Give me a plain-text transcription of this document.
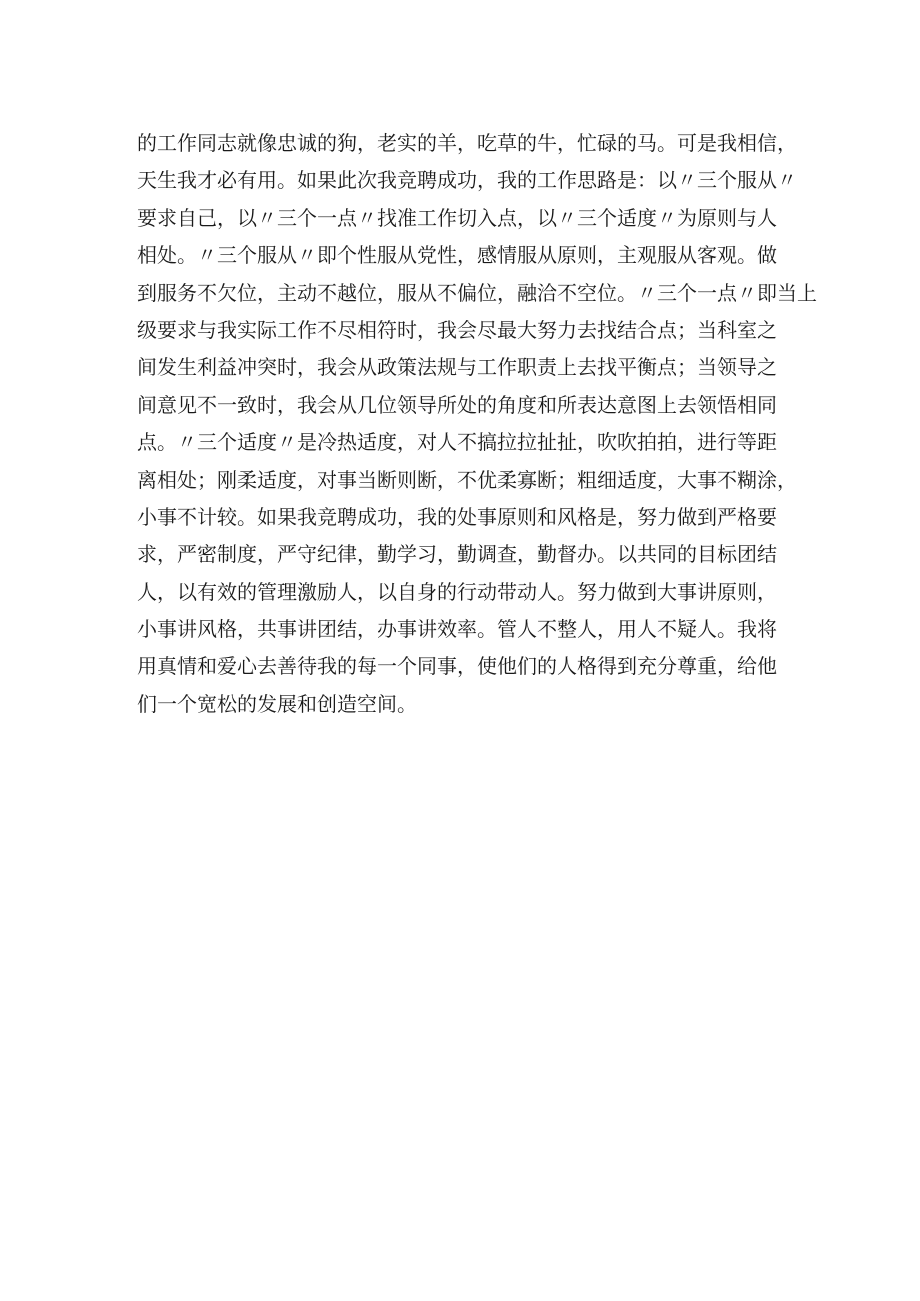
的工作同志就像忠诚的狗，老实的羊，吃草的牛，忙碌的马。可是我相信，
天生我才必有用。如果此次我竞聘成功，我的工作思路是：以〃三个服从〃
要求自己，以〃三个一点〃找准工作切入点，以〃三个适度〃为原则与人
相处。〃三个服从〃即个性服从党性，感情服从原则，主观服从客观。做
到服务不欠位，主动不越位，服从不偏位，融洽不空位。〃三个一点〃即当上
级要求与我实际工作不尽相符时，我会尽最大努力去找结合点；当科室之
间发生利益冲突时，我会从政策法规与工作职责上去找平衡点；当领导之
间意见不一致时，我会从几位领导所处的角度和所表达意图上去领悟相同
点。〃三个适度〃是冷热适度，对人不搞拉拉扯扯，吹吹拍拍，进行等距
离相处；刚柔适度，对事当断则断，不优柔寡断；粗细适度，大事不糊涂，
小事不计较。如果我竞聘成功，我的处事原则和风格是，努力做到严格要
求，严密制度，严守纪律，勤学习，勤调查，勤督办。以共同的目标团结
人，以有效的管理激励人，以自身的行动带动人。努力做到大事讲原则，
小事讲风格，共事讲团结，办事讲效率。管人不整人，用人不疑人。我将
用真情和爱心去善待我的每一个同事，使他们的人格得到充分尊重，给他
们一个宽松的发展和创造空间。
